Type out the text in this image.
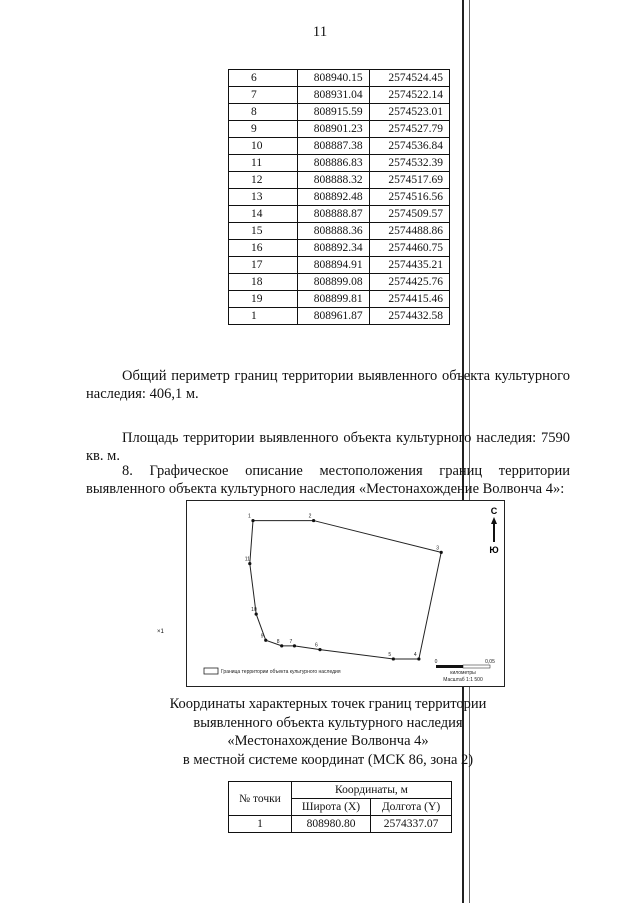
11
6	808940.15	2574524.45
7	808931.04	2574522.14
8	808915.59	2574523.01
9	808901.23	2574527.79
10	808887.38	2574536.84
11	808886.83	2574532.39
12	808888.32	2574517.69
13	808892.48	2574516.56
14	808888.87	2574509.57
15	808888.36	2574488.86
16	808892.34	2574460.75
17	808894.91	2574435.21
18	808899.08	2574425.76
19	808899.81	2574415.46
1	808961.87	2574432.58

Общий периметр границ территории выявленного объекта культурного наследия: 406,1 м.

Площадь территории выявленного объекта культурного наследия: 7590 кв. м.

8. Графическое описание местоположения границ территории выявленного объекта культурного наследия «Местонахождение Волвонча 4»:

1	2
3
4
5
6
7
8
9
10
11
С
Ю
Граница территории объекта культурного наследия
0	0,05
километры
Масштаб 1:1 500
×1
Координаты характерных точек границ территории
выявленного объекта культурного наследия
«Местонахождение Волвонча 4»
в местной системе координат (МСК 86, зона 2)
№ точки	Координаты, м	
	Широта (X)	Долгота (Y)
1	808980.80	2574337.07
